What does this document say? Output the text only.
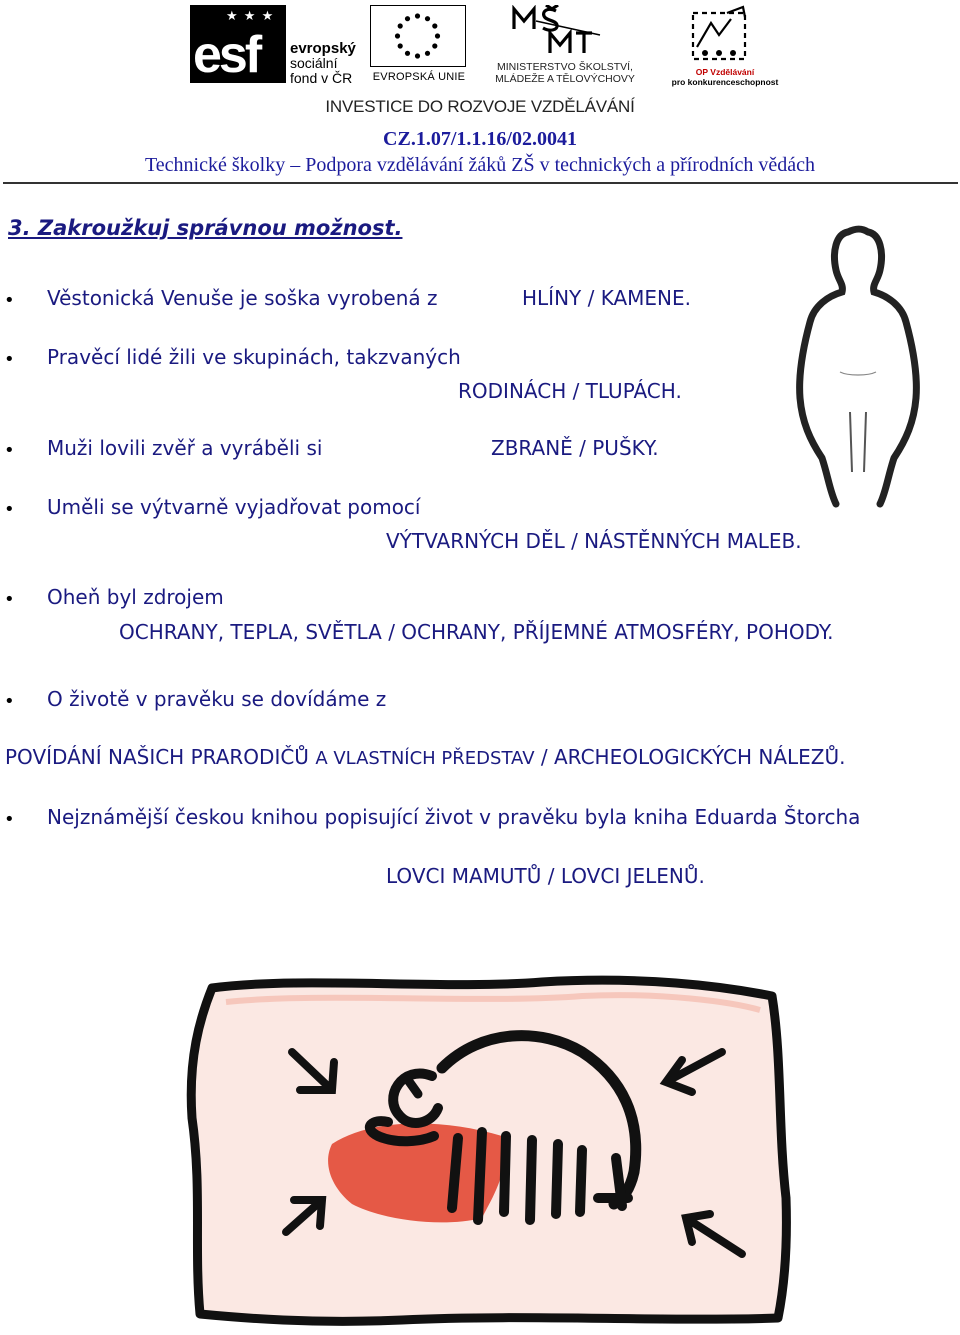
★ ★ ★
esf evropský
sociální
fond v ČR	EVROPSKÁ UNIE
MINISTERSTVO ŠKOLSTVÍ,
MLÁDEŽE A TĚLOVÝCHOVY
OP Vzdělávání
pro konkurenceschopnost
INVESTICE DO ROZVOJE VZDĚLÁVÁNÍ
CZ.1.07/1.1.16/02.0041
Technické školky – Podpora vzdělávání žáků ZŠ v technických a přírodních vědách
3. Zakroužkuj správnou možnost.
• Věstonická Venuše je soška vyrobená z	HLÍNY / KAMENE.
• Pravěcí lidé žili ve skupinách, takzvaných
RODINÁCH / TLUPÁCH.
• Muži lovili zvěř a vyráběli si	ZBRANĚ / PUŠKY.
• Uměli se výtvarně vyjadřovat pomocí
VÝTVARNÝCH DĚL / NÁSTĚNNÝCH MALEB.
• Oheň byl zdrojem
OCHRANY, TEPLA, SVĚTLA / OCHRANY, PŘÍJEMNÉ ATMOSFÉRY, POHODY.
• O životě v pravěku se dovídáme z
POVÍDÁNÍ NAŠICH PRARODIČŮ A VLASTNÍCH PŘEDSTAV / ARCHEOLOGICKÝCH NÁLEZŮ.
• Nejznámější českou knihou popisující život v pravěku byla kniha Eduarda Štorcha
LOVCI MAMUTŮ / LOVCI JELENŮ.
